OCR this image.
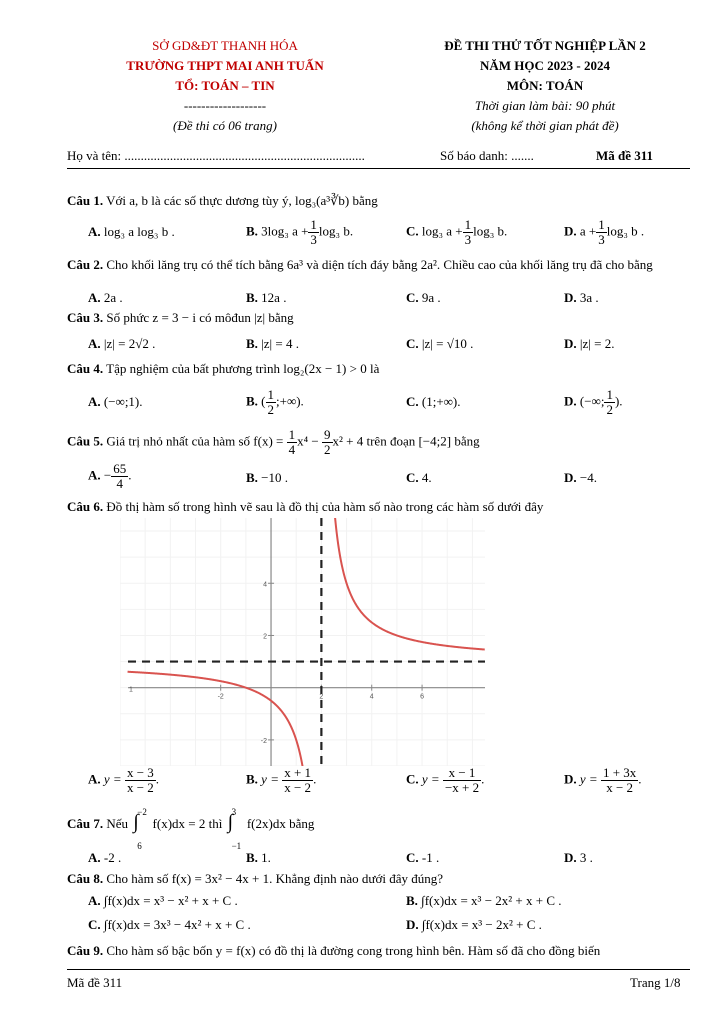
SỞ GD&ĐT THANH HÓA
TRƯỜNG THPT MAI ANH TUẤN
TỔ: TOÁN – TIN
-------------------
(Đề thi có 06 trang)
ĐỀ THI THỬ TỐT NGHIỆP LẦN 2
NĂM HỌC 2023 - 2024
MÔN: TOÁN
Thời gian làm bài: 90 phút
(không kể thời gian phát đề)
Họ và tên: ..........................................................................	Số báo danh: .......	Mã đề 311
Câu 1. Với a, b là các số thực dương tùy ý, log₃(a³∛b) bằng
A. log₃ a log₃ b .	B. 3log₃ $a + \frac{1}{3} \log_3$ b.	C. log₃ $a + \frac{1}{3} \log_3$ b.	D. $a + \frac{1}{3} \log_3$ b .
Câu 2. Cho khối lăng trụ có thể tích bằng 6a³ và diện tích đáy bằng 2a². Chiều cao của khối lăng trụ đã cho bằng
A. 2a .	B. 12a .	C. 9a .	D. 3a .
Câu 3. Số phức z = 3 − i có môđun |z| bằng
A. |z| = 2√2 .	B. |z| = 4 .	C. |z| = √10 .	D. |z| = 2.
Câu 4. Tập nghiệm của bất phương trình log₂(2x − 1) > 0 là
A. (−∞;1).	B. ( $\frac{1}{2}$ ;+∞).	C. (1;+∞).	D. (−∞; $\frac{1}{2}$ ).
Câu 5. Giá trị nhỏ nhất của hàm số $f(x) = \frac{1}{4} x^4 - \frac{9}{2} x^2 + 4$ trên đoạn [−4;2] bằng
A. − $\frac{65}{4}$ .	B. −10 .	C. 4.	D. −4.
Câu 6. Đồ thị hàm số trong hình vẽ sau là đồ thị của hàm số nào trong các hàm số dưới đây
-2	2	4	6
1
4
2
-2
A. $y = \frac{x - 3}{x - 2}$ .	B. $y = \frac{x + 1}{x - 2}$ .	C. $y = \frac{x - 1}{-x + 2}$ .	D. $y = \frac{1 + 3x}{x - 2}$ .
Câu 7. Nếu
−2
∫
6
f(x)dx = 2 thì
3
∫
−1
f(2x)dx bằng
A. -2 .	B. 1.	C. -1 .	D. 3 .
Câu 8. Cho hàm số f(x) = 3x² − 4x + 1. Khẳng định nào dưới đây đúng?
A. ∫f(x)dx = x³ − x² + x + C .	B. ∫f(x)dx = x³ − 2x² + x + C .
C. ∫f(x)dx = 3x³ − 4x² + x + C .	D. ∫f(x)dx = x³ − 2x² + C .
Câu 9. Cho hàm số bậc bốn y = f(x) có đồ thị là đường cong trong hình bên. Hàm số đã cho đồng biến
Mã đề 311	Trang 1/8
